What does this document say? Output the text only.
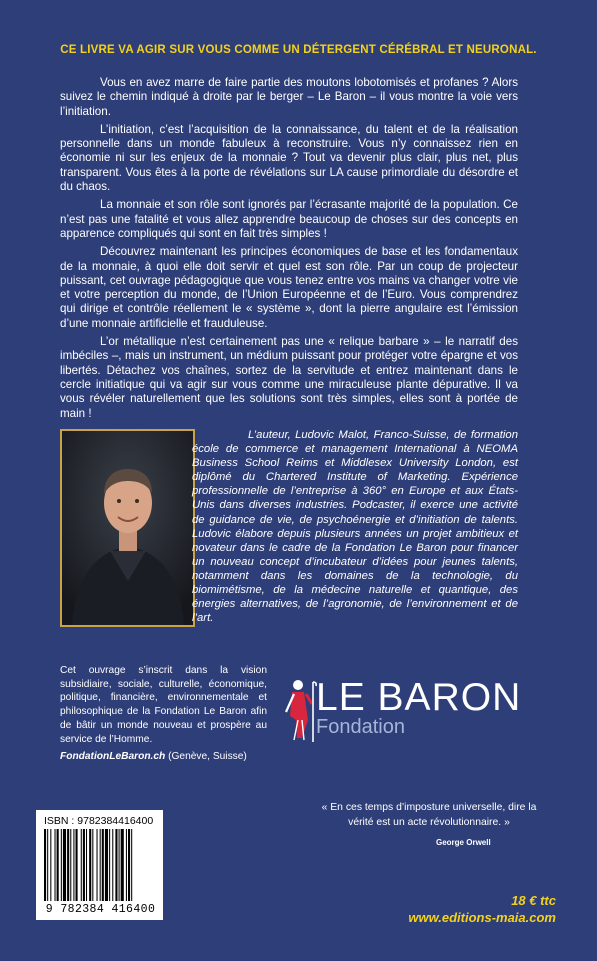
CE LIVRE VA AGIR SUR VOUS COMME UN DÉTERGENT CÉRÉBRAL ET NEURONAL.

Vous en avez marre de faire partie des moutons lobotomisés et profanes ? Alors suivez le chemin indiqué à droite par le berger – Le Baron – il vous montre la voie vers l’initiation.

L’initiation, c’est l’acquisition de la connaissance, du talent et de la réalisation personnelle dans un monde fabuleux à reconstruire. Vous n’y connaissez rien en économie ni sur les enjeux de la monnaie ? Tout va devenir plus clair, plus net, plus transparent. Vous êtes à la porte de révélations sur LA cause primordiale du désordre et du chaos.

La monnaie et son rôle sont ignorés par l’écrasante majorité de la population. Ce n’est pas une fatalité et vous allez apprendre beaucoup de choses sur des concepts en apparence compliqués qui sont en fait très simples !

Découvrez maintenant les principes économiques de base et les fondamentaux de la monnaie, à quoi elle doit servir et quel est son rôle. Par un coup de projecteur puissant, cet ouvrage pédagogique que vous tenez entre vos mains va changer votre vie et votre perception du monde, de l’Union Européenne et de l’Euro. Vous comprendrez qui dirige et contrôle réellement le « système », dont la pierre angulaire est l’émission d’une monnaie artificielle et frauduleuse.

L’or métallique n’est certainement pas une « relique barbare » – le narratif des imbéciles –, mais un instrument, un médium puissant pour protéger votre épargne et vos libertés. Détachez vos chaînes, sortez de la servitude et entrez maintenant dans le cercle initiatique qui va agir sur vous comme une miraculeuse plante dépurative. Il va vous révéler naturellement que les solutions sont très simples, elles sont à portée de main !

L’auteur, Ludovic Malot, Franco-Suisse, de formation école de commerce et management International à NEOMA Business School Reims et Middlesex University London, est diplômé du Chartered Institute of Marketing. Expérience professionnelle de l’entreprise à 360° en Europe et aux États-Unis dans diverses industries. Podcaster, il exerce une activité de guidance de vie, de psychoénergie et d’initiation de talents. Ludovic élabore depuis plusieurs années un projet ambitieux et novateur dans le cadre de la Fondation Le Baron pour financer un nouveau concept d’incubateur d’idées pour jeunes talents, notamment dans les domaines de la technologie, du biomimétisme, de la médecine naturelle et quantique, des énergies alternatives, de l’agronomie, de l’environnement et de l’art.

Cet ouvrage s’inscrit dans la vision subsidiaire, sociale, culturelle, économique, politique, financière, environnementale et philosophique de la Fondation Le Baron afin de bâtir un monde nouveau et prospère au service de l’Homme.

FondationLeBaron.ch (Genève, Suisse)
LE BARON
Fondation
ISBN : 9782384416400
9 782384 416400
« En ces temps d’imposture universelle, dire la vérité est un acte révolutionnaire. »
George Orwell
18 € ttc
www.editions-maia.com
